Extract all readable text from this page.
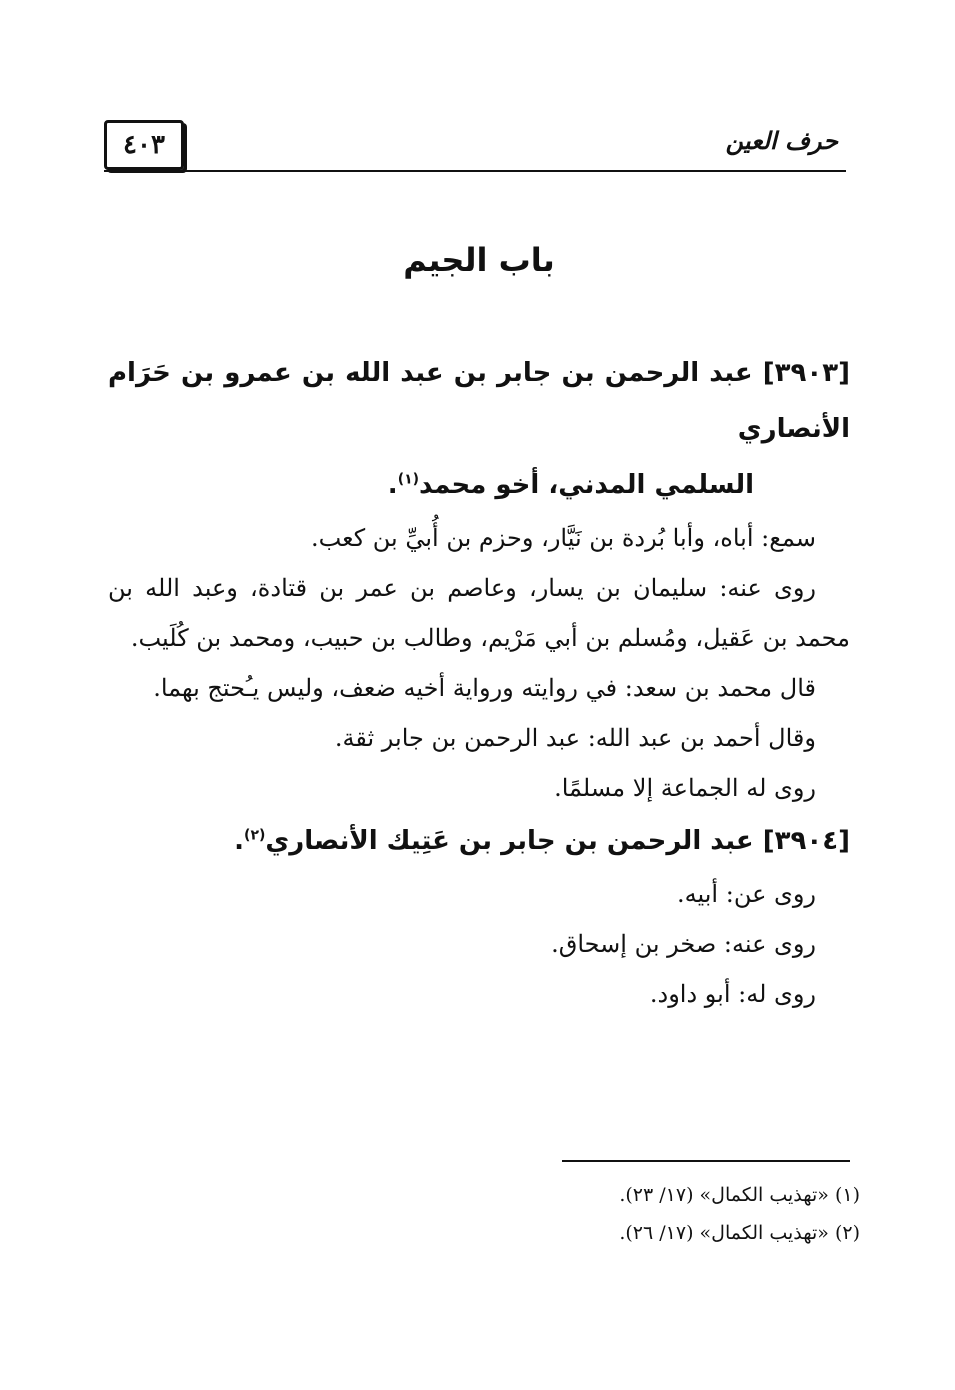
٤٠٣	حرف العين
باب الجيم

[٣٩٠٣] عبد الرحمن بن جابر بن عبد الله بن عمرو بن حَرَام الأنصاري
السلمي المدني، أخو محمد$^{(١)}$.

سمع: أباه، وأبا بُردة بن نَيَّار، وحزم بن أُبيِّ بن كعب.

روى عنه: سليمان بن يسار، وعاصم بن عمر بن قتادة، وعبد الله بن محمد بن عَقيل، ومُسلم بن أبي مَرْيم، وطالب بن حبيب، ومحمد بن كُلَيب.

قال محمد بن سعد: في روايته ورواية أخيه ضعف، وليس يـُحتج بهما.

وقال أحمد بن عبد الله: عبد الرحمن بن جابر ثقة.

روى له الجماعة إلا مسلمًا.

[٣٩٠٤] عبد الرحمن بن جابر بن عَتِيك الأنصاري$^{(٢)}$.

روى عن: أبيه.

روى عنه: صخر بن إسحاق.

روى له: أبو داود.

(١) «تهذيب الكمال» (١٧/ ٢٣).

(٢) «تهذيب الكمال» (١٧/ ٢٦).
